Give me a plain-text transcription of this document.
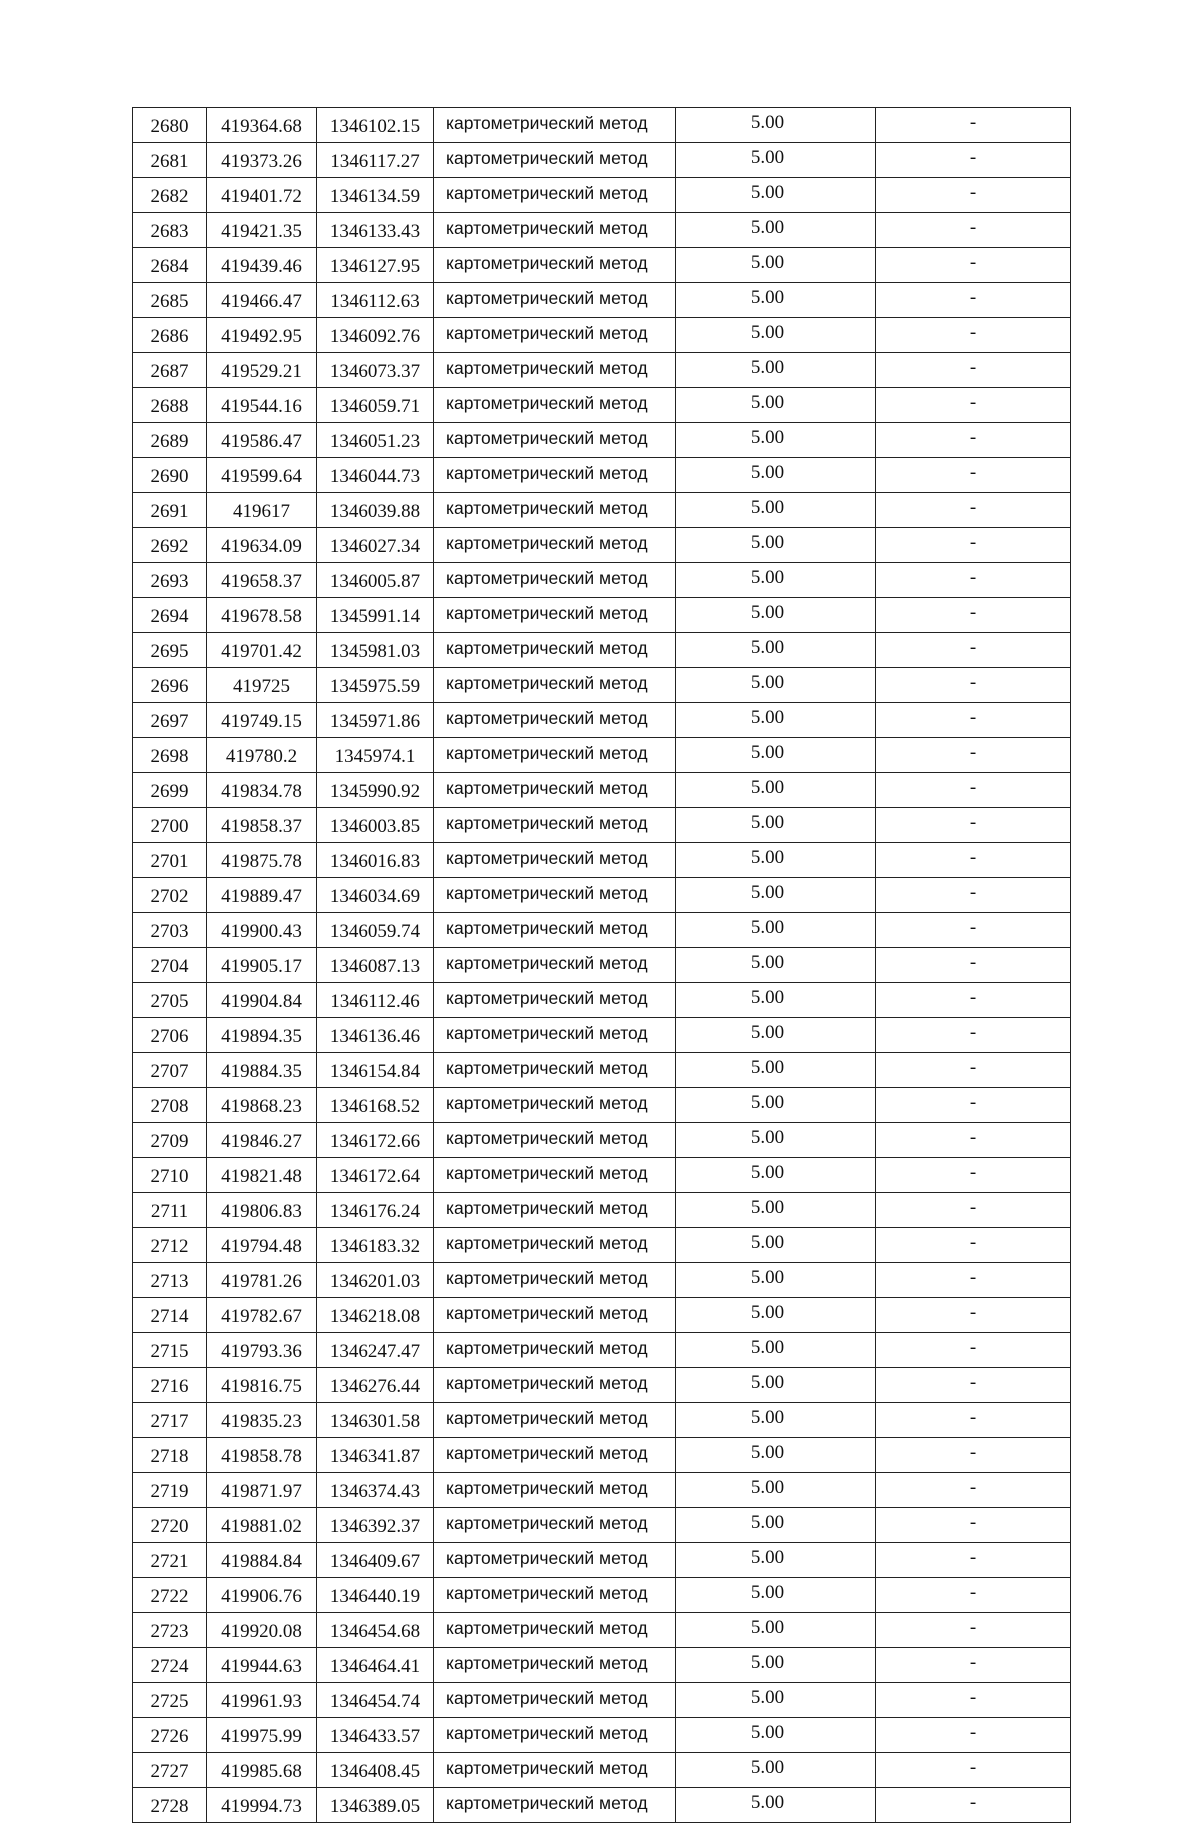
2680	419364.68	1346102.15	картометрический метод	5.00	-
2681	419373.26	1346117.27	картометрический метод	5.00	-
2682	419401.72	1346134.59	картометрический метод	5.00	-
2683	419421.35	1346133.43	картометрический метод	5.00	-
2684	419439.46	1346127.95	картометрический метод	5.00	-
2685	419466.47	1346112.63	картометрический метод	5.00	-
2686	419492.95	1346092.76	картометрический метод	5.00	-
2687	419529.21	1346073.37	картометрический метод	5.00	-
2688	419544.16	1346059.71	картометрический метод	5.00	-
2689	419586.47	1346051.23	картометрический метод	5.00	-
2690	419599.64	1346044.73	картометрический метод	5.00	-
2691	419617	1346039.88	картометрический метод	5.00	-
2692	419634.09	1346027.34	картометрический метод	5.00	-
2693	419658.37	1346005.87	картометрический метод	5.00	-
2694	419678.58	1345991.14	картометрический метод	5.00	-
2695	419701.42	1345981.03	картометрический метод	5.00	-
2696	419725	1345975.59	картометрический метод	5.00	-
2697	419749.15	1345971.86	картометрический метод	5.00	-
2698	419780.2	1345974.1	картометрический метод	5.00	-
2699	419834.78	1345990.92	картометрический метод	5.00	-
2700	419858.37	1346003.85	картометрический метод	5.00	-
2701	419875.78	1346016.83	картометрический метод	5.00	-
2702	419889.47	1346034.69	картометрический метод	5.00	-
2703	419900.43	1346059.74	картометрический метод	5.00	-
2704	419905.17	1346087.13	картометрический метод	5.00	-
2705	419904.84	1346112.46	картометрический метод	5.00	-
2706	419894.35	1346136.46	картометрический метод	5.00	-
2707	419884.35	1346154.84	картометрический метод	5.00	-
2708	419868.23	1346168.52	картометрический метод	5.00	-
2709	419846.27	1346172.66	картометрический метод	5.00	-
2710	419821.48	1346172.64	картометрический метод	5.00	-
2711	419806.83	1346176.24	картометрический метод	5.00	-
2712	419794.48	1346183.32	картометрический метод	5.00	-
2713	419781.26	1346201.03	картометрический метод	5.00	-
2714	419782.67	1346218.08	картометрический метод	5.00	-
2715	419793.36	1346247.47	картометрический метод	5.00	-
2716	419816.75	1346276.44	картометрический метод	5.00	-
2717	419835.23	1346301.58	картометрический метод	5.00	-
2718	419858.78	1346341.87	картометрический метод	5.00	-
2719	419871.97	1346374.43	картометрический метод	5.00	-
2720	419881.02	1346392.37	картометрический метод	5.00	-
2721	419884.84	1346409.67	картометрический метод	5.00	-
2722	419906.76	1346440.19	картометрический метод	5.00	-
2723	419920.08	1346454.68	картометрический метод	5.00	-
2724	419944.63	1346464.41	картометрический метод	5.00	-
2725	419961.93	1346454.74	картометрический метод	5.00	-
2726	419975.99	1346433.57	картометрический метод	5.00	-
2727	419985.68	1346408.45	картометрический метод	5.00	-
2728	419994.73	1346389.05	картометрический метод	5.00	-
